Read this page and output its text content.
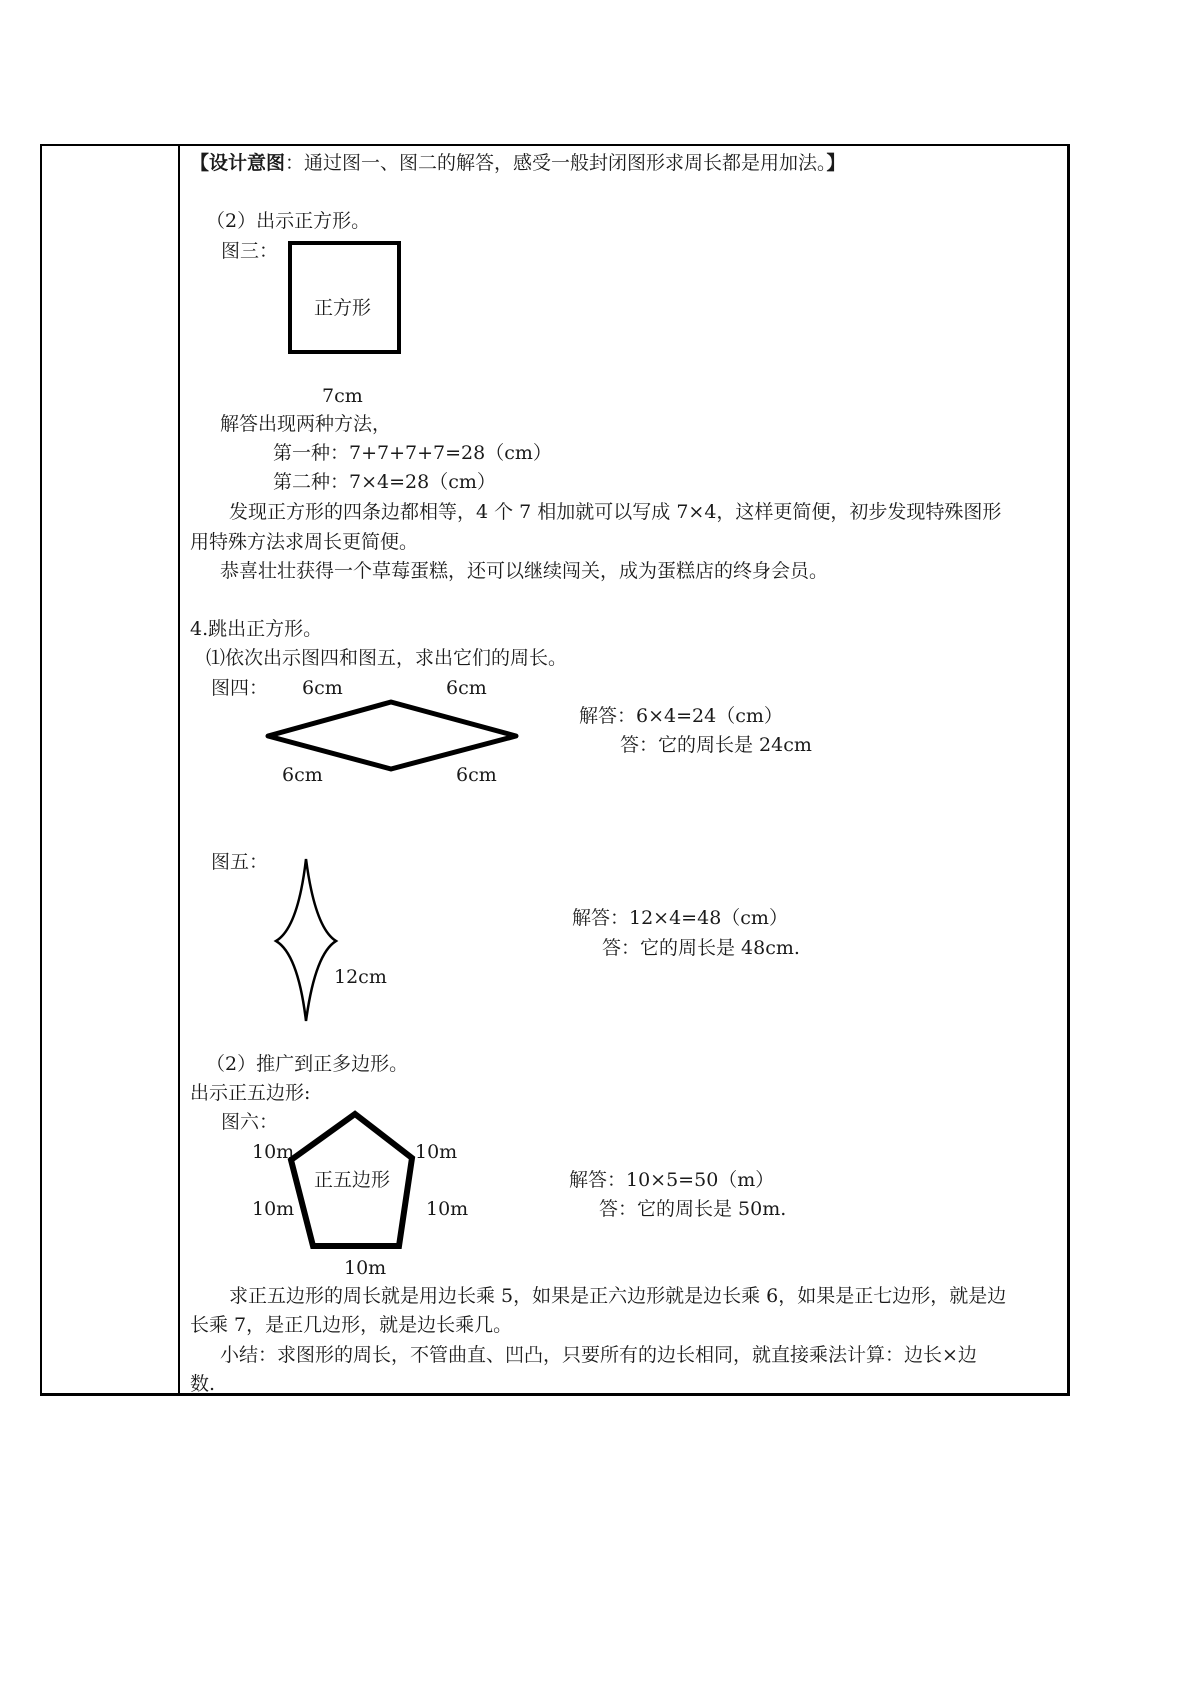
【设计意图：通过图一、图二的解答，感受一般封闭图形求周长都是用加法。】
（2）出示正方形。
图三：
正方形
7cm
解答出现两种方法，
第一种：7+7+7+7=28（cm）
第二种：7×4=28（cm）
发现正方形的四条边都相等，4 个 7 相加就可以写成 7×4，这样更简便，初步发现特殊图形
用特殊方法求周长更简便。
恭喜壮壮获得一个草莓蛋糕，还可以继续闯关，成为蛋糕店的终身会员。
4.跳出正方形。
⑴依次出示图四和图五，求出它们的周长。
图四： 6cm	6cm
6cm	6cm
解答：6×4=24（cm）
答：它的周长是 24cm
图五：
12cm
解答：12×4=48（cm）
答：它的周长是 48cm.
（2）推广到正多边形。
出示正五边形:
图六：
10m	10m
正五边形
10m	10m
10m
解答：10×5=50（m）
答：它的周长是 50m.
求正五边形的周长就是用边长乘 5，如果是正六边形就是边长乘 6，如果是正七边形，就是边
长乘 7，是正几边形，就是边长乘几。
小结：求图形的周长，不管曲直、凹凸，只要所有的边长相同，就直接乘法计算：边长×边
数.
